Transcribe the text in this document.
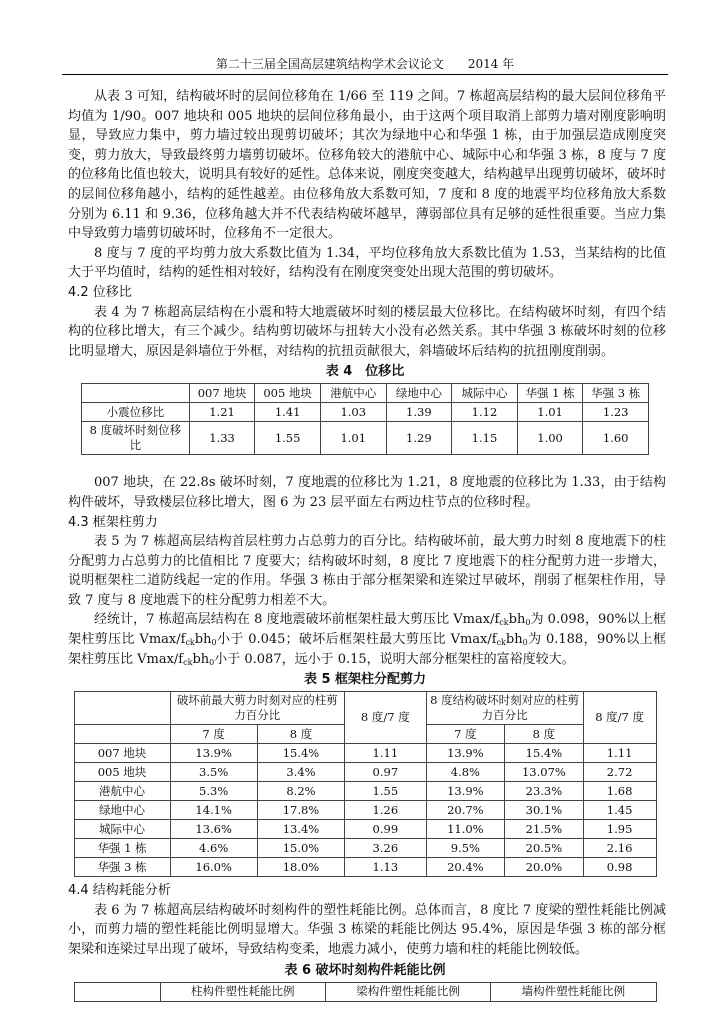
第二十三届全国高层建筑结构学术会议论文 2014 年

从表 3 可知，结构破坏时的层间位移角在 1/66 至 119 之间。7 栋超高层结构的最大层间位移角平均值为 1/90。007 地块和 005 地块的层间位移角最小，由于这两个项目取消上部剪力墙对刚度影响明显，导致应力集中，剪力墙过较出现剪切破坏；其次为绿地中心和华强 1 栋，由于加强层造成刚度突变，剪力放大，导致最终剪力墙剪切破坏。位移角较大的港航中心、城际中心和华强 3 栋，8 度与 7 度的位移角比值也较大，说明具有较好的延性。总体来说，刚度突变越大，结构越早出现剪切破坏，破坏时的层间位移角越小，结构的延性越差。由位移角放大系数可知，7 度和 8 度的地震平均位移角放大系数分别为 6.11 和 9.36，位移角越大并不代表结构破坏越早，薄弱部位具有足够的延性很重要。当应力集中导致剪力墙剪切破坏时，位移角不一定很大。

8 度与 7 度的平均剪力放大系数比值为 1.34，平均位移角放大系数比值为 1.53，当某结构的比值大于平均值时，结构的延性相对较好，结构没有在刚度突变处出现大范围的剪切破坏。

4.2 位移比

表 4 为 7 栋超高层结构在小震和特大地震破坏时刻的楼层最大位移比。在结构破坏时刻，有四个结构的位移比增大，有三个减少。结构剪切破坏与扭转大小没有必然关系。其中华强 3 栋破坏时刻的位移比明显增大，原因是斜墙位于外框，对结构的抗扭贡献很大，斜墙破坏后结构的抗扭刚度削弱。

表 4　位移比
	007 地块	005 地块	港航中心	绿地中心	城际中心	华强 1 栋	华强 3 栋
小震位移比	1.21	1.41	1.03	1.39	1.12	1.01	1.23
8 度破坏时刻位移比	1.33	1.55	1.01	1.29	1.15	1.00	1.60

007 地块，在 22.8s 破坏时刻，7 度地震的位移比为 1.21，8 度地震的位移比为 1.33，由于结构构件破坏，导致楼层位移比增大，图 6 为 23 层平面左右两边柱节点的位移时程。

4.3 框架柱剪力

表 5 为 7 栋超高层结构首层柱剪力占总剪力的百分比。结构破坏前，最大剪力时刻 8 度地震下的柱分配剪力占总剪力的比值相比 7 度要大；结构破坏时刻，8 度比 7 度地震下的柱分配剪力进一步增大，说明框架柱二道防线起一定的作用。华强 3 栋由于部分框架梁和连梁过早破坏，削弱了框架柱作用，导致 7 度与 8 度地震下的柱分配剪力相差不大。

经统计，7 栋超高层结构在 8 度地震破坏前框架柱最大剪压比 Vmax/$f_{ck}bh_0$为 0.098，90%以上框架柱剪压比 Vmax/$f_{ck}bh_0$小于 0.045；破坏后框架柱最大剪压比 Vmax/$f_{ck}bh_0$为 0.188，90%以上框架柱剪压比 Vmax/$f_{ck}bh_0$小于 0.087，远小于 0.15，说明大部分框架柱的富裕度较大。

表 5 框架柱分配剪力
	破坏前最大剪力时刻对应的柱剪力百分比		8 度/7 度	8 度结构破坏时刻对应的柱剪力百分比		8 度/7 度
	7 度	8 度		7 度	8 度	
007 地块	13.9%	15.4%	1.11	13.9%	15.4%	1.11
005 地块	3.5%	3.4%	0.97	4.8%	13.07%	2.72
港航中心	5.3%	8.2%	1.55	13.9%	23.3%	1.68
绿地中心	14.1%	17.8%	1.26	20.7%	30.1%	1.45
城际中心	13.6%	13.4%	0.99	11.0%	21.5%	1.95
华强 1 栋	4.6%	15.0%	3.26	9.5%	20.5%	2.16
华强 3 栋	16.0%	18.0%	1.13	20.4%	20.0%	0.98

4.4 结构耗能分析

表 6 为 7 栋超高层结构破坏时刻构件的塑性耗能比例。总体而言，8 度比 7 度梁的塑性耗能比例减小，而剪力墙的塑性耗能比例明显增大。华强 3 栋梁的耗能比例达 95.4%，原因是华强 3 栋的部分框架梁和连梁过早出现了破坏，导致结构变柔，地震力减小，使剪力墙和柱的耗能比例较低。

表 6 破坏时刻构件耗能比例
	柱构件塑性耗能比例	梁构件塑性耗能比例	墙构件塑性耗能比例
